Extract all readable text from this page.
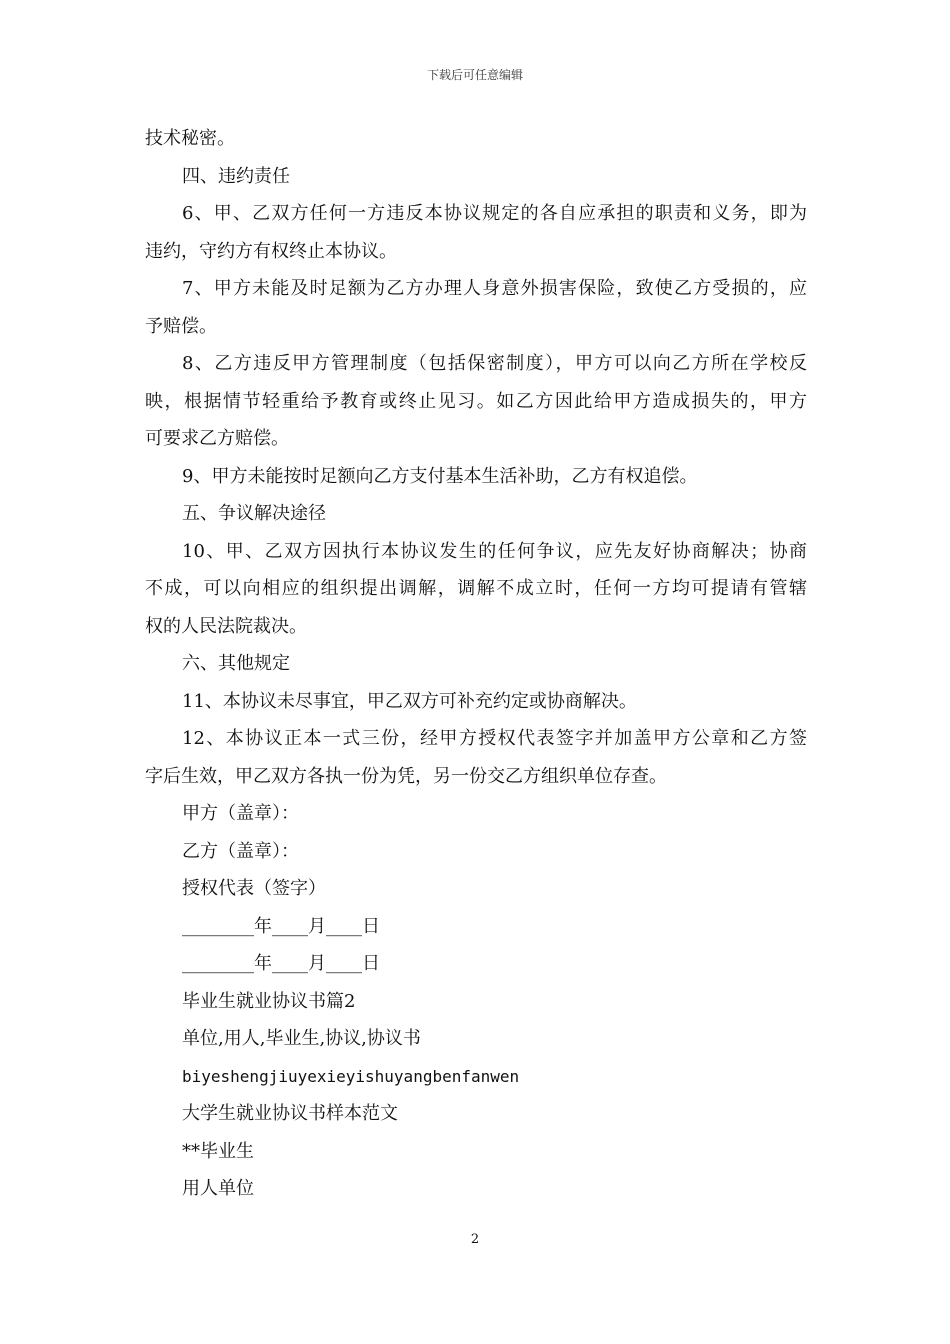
下载后可任意编辑

技术秘密。

四、违约责任

6、甲、乙双方任何一方违反本协议规定的各自应承担的职责和义务，即为

违约，守约方有权终止本协议。

7、甲方未能及时足额为乙方办理人身意外损害保险，致使乙方受损的，应

予赔偿。

8、乙方违反甲方管理制度（包括保密制度），甲方可以向乙方所在学校反

映，根据情节轻重给予教育或终止见习。如乙方因此给甲方造成损失的，甲方

可要求乙方赔偿。

9、甲方未能按时足额向乙方支付基本生活补助，乙方有权追偿。

五、争议解决途径

10、甲、乙双方因执行本协议发生的任何争议，应先友好协商解决；协商

不成，可以向相应的组织提出调解，调解不成立时，任何一方均可提请有管辖

权的人民法院裁决。

六、其他规定

11、本协议未尽事宜，甲乙双方可补充约定或协商解决。

12、本协议正本一式三份，经甲方授权代表签字并加盖甲方公章和乙方签

字后生效，甲乙双方各执一份为凭，另一份交乙方组织单位存查。

甲方（盖章）：

乙方（盖章）：

授权代表（签字）

________年____月____日

________年____月____日

毕业生就业协议书篇2

单位,用人,毕业生,协议,协议书

biyeshengjiuyexieyishuyangbenfanwen

大学生就业协议书样本范文

**毕业生

用人单位

2
